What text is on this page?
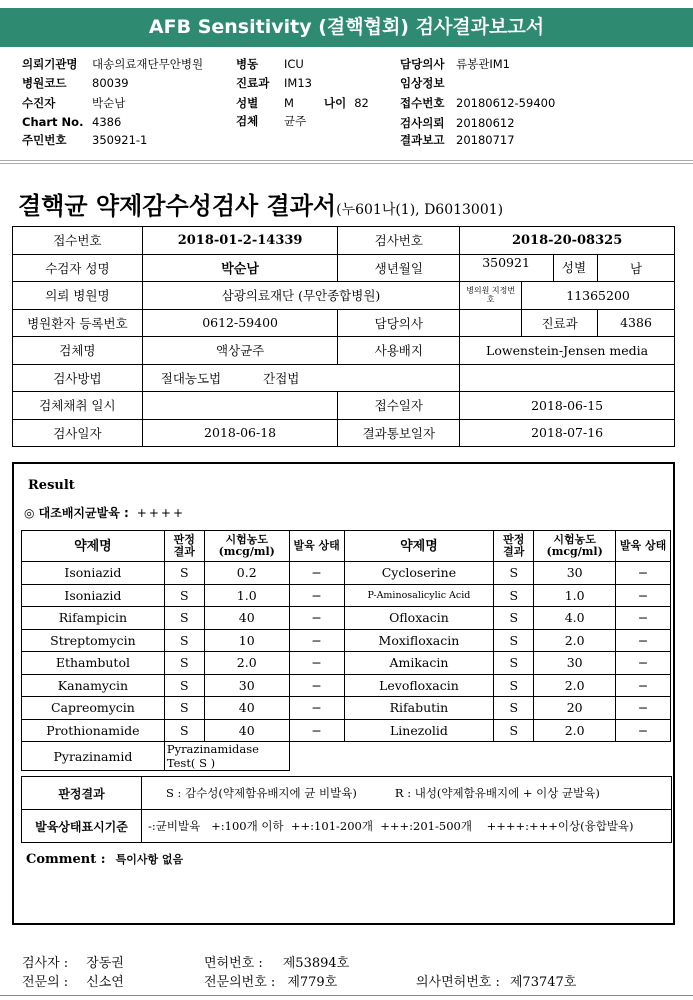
AFB Sensitivity (결핵협회) 검사결과보고서
의뢰기관명 대송의료재단무안병원
병원코드 80039
수진자	박순남
Chart No. 4386
주민번호 350921-1
병동 ICU
진료과 IM13
성별 M	나이 82
검체 균주
담당의사 류봉관IM1
임상정보
접수번호 20180612-59400
검사의뢰 20180612
결과보고 20180717
결핵균 약제감수성검사 결과서(누601나(1), D6013001)
접수번호	2018-01-2-14339	검사번호	2018-20-08325		
수검자 성명	박순남	생년월일	350921 성별		남
의뢰 병원명	삼광의료재단 (무안종합병원)		병의원 지정번호	11365200	
병원환자 등록번호	0612-59400	담당의사		진료과	4386
검체명	액상균주	사용배지	Lowenstein-Jensen media		
검사방법	절대농도법 간접법				
검체채취 일시		접수일자	2018-06-15		
검사일자	2018-06-18	결과통보일자	2018-07-16		
Result
◎ 대조배지균발육 : ++++
약제명	판정 결과	시험농도 (mcg/ml)	발육 상태	약제명	판정 결과	시험농도 (mcg/ml)	발육 상태
Isoniazid	S	0.2	−	Cycloserine	S	30	−
Isoniazid	S	1.0	−	P-Aminosalicylic Acid	S	1.0	−
Rifampicin	S	40	−	Ofloxacin	S	4.0	−
Streptomycin	S	10	−	Moxifloxacin	S	2.0	−
Ethambutol	S	2.0	−	Amikacin	S	30	−
Kanamycin	S	30	−	Levofloxacin	S	2.0	−
Capreomycin	S	40	−	Rifabutin	S	20	−
Prothionamide	S	40	−	Linezolid	S	2.0	−
Pyrazinamid	Pyrazinamidase Test( S )						
판정결과	S : 감수성(약제함유배지에 균 비발육) R : 내성(약제함유배지에 + 이상 균발육)
발육상태표시기준	-:균비발육   +:100개 이하  ++:101-200개  +++:201-500개    ++++:+++이상(융합발육)
Comment : 특이사항 없음
검사자 : 장동권	면허번호 : 제53894호
전문의 : 신소연	전문의번호 : 제779호	의사면허번호 : 제73747호
